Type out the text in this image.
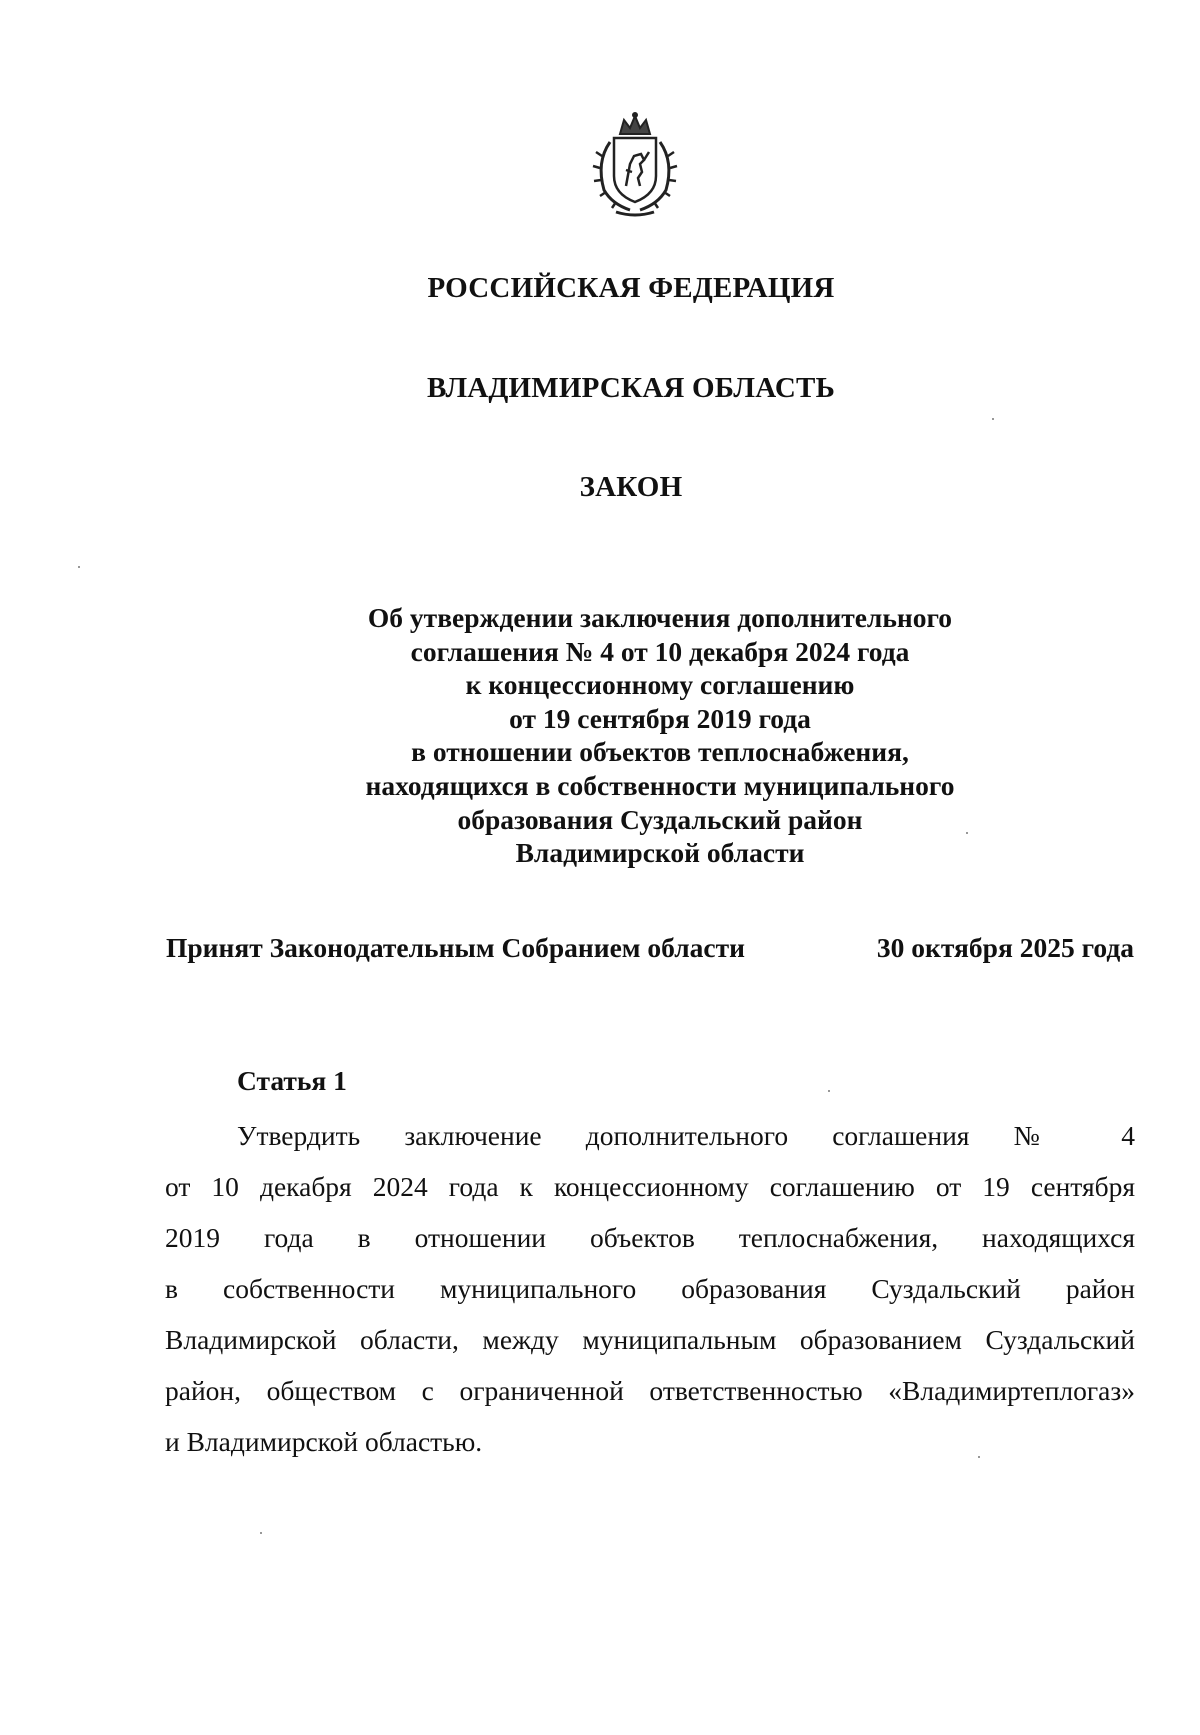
РОССИЙСКАЯ ФЕДЕРАЦИЯ
ВЛАДИМИРСКАЯ ОБЛАСТЬ
ЗАКОН
Об утверждении заключения дополнительного
соглашения № 4 от 10 декабря 2024 года
к концессионному соглашению
от 19 сентября 2019 года
в отношении объектов теплоснабжения,
находящихся в собственности муниципального
образования Суздальский район
Владимирской области
Принят Законодательным Собранием области	30 октября 2025 года
Статья 1
Утвердить заключение дополнительного соглашения № 4
от 10 декабря 2024 года к концессионному соглашению от 19 сентября
2019 года в отношении объектов теплоснабжения, находящихся
в собственности муниципального образования Суздальский район
Владимирской области, между муниципальным образованием Суздальский
район, обществом с ограниченной ответственностью «Владимиртеплогаз»
и Владимирской областью.
